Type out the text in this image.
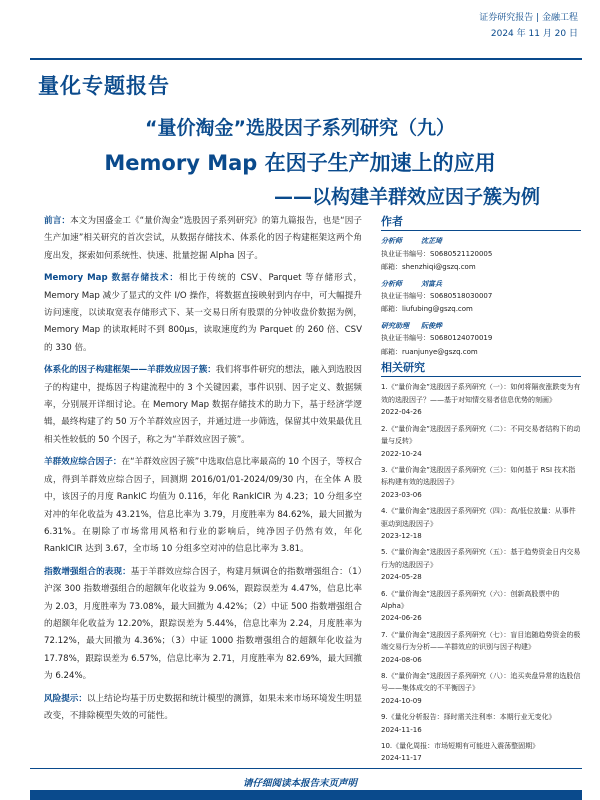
证券研究报告 | 金融工程
2024 年 11 月 20 日
量化专题报告
“量价淘金”选股因子系列研究（九）
Memory Map 在因子生产加速上的应用
——以构建羊群效应因子簇为例

前言：本文为国盛金工《“量价淘金”选股因子系列研究》的第九篇报告，也是“因子生产加速”相关研究的首次尝试，从数据存储技术、体系化的因子构建框架这两个角度出发，探索如何系统性、快速、批量挖掘 Alpha 因子。

Memory Map 数据存储技术：相比于传统的 CSV、Parquet 等存储形式，Memory Map 减少了显式的文件 I/O 操作，将数据直接映射到内存中，可大幅提升访问速度，以读取宽表存储形式下、某一交易日所有股票的分钟收盘价数据为例，Memory Map 的读取耗时不到 800μs，读取速度约为 Parquet 的 260 倍、CSV 的 330 倍。

体系化的因子构建框架——羊群效应因子簇：我们将事件研究的想法，融入到选股因子的构建中，提炼因子构建流程中的 3 个关键因素，事件识别、因子定义、数据频率，分别展开详细讨论。在 Memory Map 数据存储技术的助力下，基于经济学逻辑，最终构建了约 50 万个羊群效应因子，并通过进一步筛选，保留其中效果最优且相关性较低的 50 个因子，称之为“羊群效应因子簇”。

羊群效应综合因子：在“羊群效应因子簇”中选取信息比率最高的 10 个因子，等权合成，得到羊群效应综合因子，回测期 2016/01/01-2024/09/30 内，在全体 A 股中，该因子的月度 RankIC 均值为 0.116，年化 RankICIR 为 4.23；10 分组多空对冲的年化收益为 43.21%，信息比率为 3.79，月度胜率为 84.62%，最大回撤为 6.31%。在剔除了市场常用风格和行业的影响后，纯净因子仍然有效，年化 RankICIR 达到 3.67，全市场 10 分组多空对冲的信息比率为 3.81。

指数增强组合的表现：基于羊群效应综合因子，构建月频调仓的指数增强组合：（1）沪深 300 指数增强组合的超额年化收益为 9.06%，跟踪误差为 4.47%，信息比率为 2.03，月度胜率为 73.08%，最大回撤为 4.42%；（2）中证 500 指数增强组合的超额年化收益为 12.20%，跟踪误差为 5.44%，信息比率为 2.24，月度胜率为 72.12%，最大回撤为 4.36%；（3）中证 1000 指数增强组合的超额年化收益为 17.78%，跟踪误差为 6.57%，信息比率为 2.71，月度胜率为 82.69%，最大回撤为 6.24%。

风险提示：以上结论均基于历史数据和统计模型的测算，如果未来市场环境发生明显改变，不排除模型失效的可能性。

作者
分析师	沈芷琦
执业证书编号：S0680521120005
邮箱：shenzhiqi@gszq.com
分析师	刘富兵
执业证书编号：S0680518030007
邮箱：liufubing@gszq.com
研究助理	阮俊烨
执业证书编号：S0680124070019
邮箱：ruanjunye@gszq.com
相关研究
1.《“量价淘金”选股因子系列研究（一）：如何将隔夜涨跌变为有效的选股因子？——基于对知情交易者信息优势的刻画》
2022-04-26
2.《“量价淘金”选股因子系列研究（二）：不同交易者结构下的动量与反转》
2022-10-24
3.《“量价淘金”选股因子系列研究（三）：如何基于 RSI 技术指标构建有效的选股因子》
2023-03-06
4.《“量价淘金”选股因子系列研究（四）：高/低位放量：从事件驱动到选股因子》
2023-12-18
5.《“量价淘金”选股因子系列研究（五）：基于趋势资金日内交易行为的选股因子》
2024-05-28
6.《“量价淘金”选股因子系列研究（六）：创新高股票中的 Alpha》
2024-06-26
7.《“量价淘金”选股因子系列研究（七）：盲目追随趋势资金的极端交易行为分析——羊群效应的识别与因子构建》
2024-08-06
8.《“量价淘金”选股因子系列研究（八）：追买卖盘异常的选股信号——集体成交的不平衡因子》
2024-10-09
9.《量化分析报告：择时需关注利率：本期行业无变化》
2024-11-16
10.《量化周报：市场短期有可能进入震荡整固期》
2024-11-17
请仔细阅读本报告末页声明
